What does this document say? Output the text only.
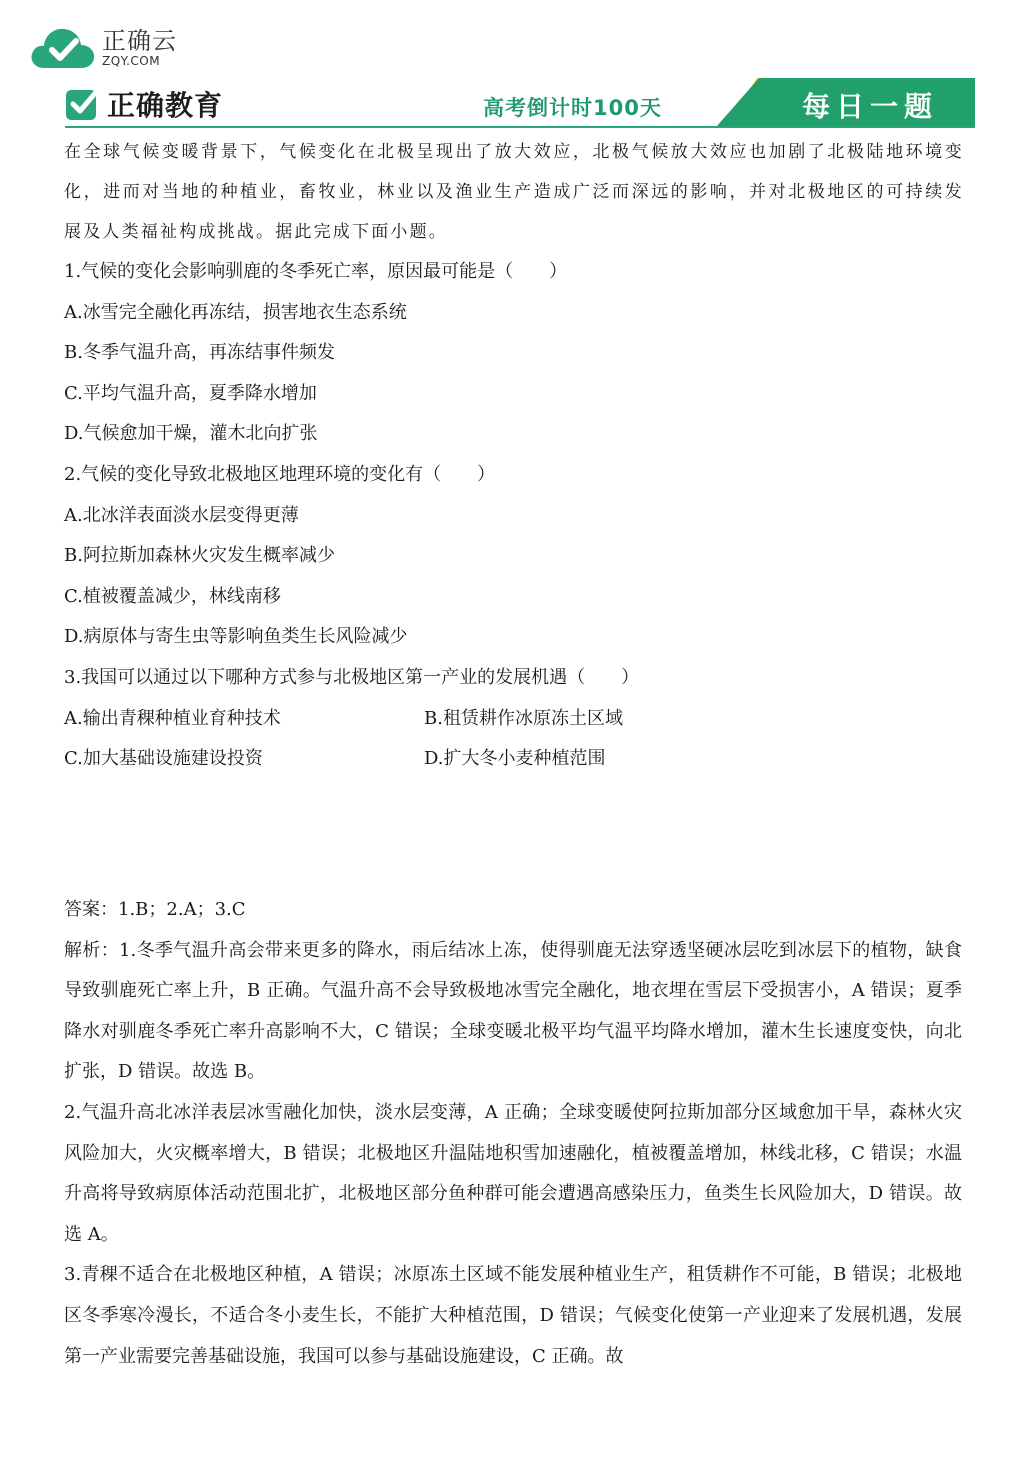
正确云
ZQY.COM
正确教育	高考倒计时100天	每日一题

在全球气候变暖背景下，气候变化在北极呈现出了放大效应，北极气候放大效应也加剧了北极陆地环境变化，进而对当地的种植业，畜牧业，林业以及渔业生产造成广泛而深远的影响，并对北极地区的可持续发展及人类福祉构成挑战。据此完成下面小题。

1.气候的变化会影响驯鹿的冬季死亡率，原因最可能是（　　）

A.冰雪完全融化再冻结，损害地衣生态系统

B.冬季气温升高，再冻结事件频发

C.平均气温升高，夏季降水增加

D.气候愈加干燥，灌木北向扩张

2.气候的变化导致北极地区地理环境的变化有（　　）

A.北冰洋表面淡水层变得更薄

B.阿拉斯加森林火灾发生概率减少

C.植被覆盖减少，林线南移

D.病原体与寄生虫等影响鱼类生长风险减少

3.我国可以通过以下哪种方式参与北极地区第一产业的发展机遇（　　）

A.输出青稞种植业育种技术	B.租赁耕作冰原冻土区域
C.加大基础设施建设投资	D.扩大冬小麦种植范围

答案：1.B；2.A；3.C

解析：1.冬季气温升高会带来更多的降水，雨后结冰上冻，使得驯鹿无法穿透坚硬冰层吃到冰层下的植物，缺食导致驯鹿死亡率上升，B 正确。气温升高不会导致极地冰雪完全融化，地衣埋在雪层下受损害小，A 错误；夏季降水对驯鹿冬季死亡率升高影响不大，C 错误；全球变暖北极平均气温平均降水增加，灌木生长速度变快，向北扩张，D 错误。故选 B。

2.气温升高北冰洋表层冰雪融化加快，淡水层变薄，A 正确；全球变暖使阿拉斯加部分区域愈加干旱，森林火灾风险加大，火灾概率增大，B 错误；北极地区升温陆地积雪加速融化，植被覆盖增加，林线北移，C 错误；水温升高将导致病原体活动范围北扩，北极地区部分鱼种群可能会遭遇高感染压力，鱼类生长风险加大，D 错误。故选 A。

3.青稞不适合在北极地区种植，A 错误；冰原冻土区域不能发展种植业生产，租赁耕作不可能，B 错误；北极地区冬季寒冷漫长，不适合冬小麦生长，不能扩大种植范围，D 错误；气候变化使第一产业迎来了发展机遇，发展第一产业需要完善基础设施，我国可以参与基础设施建设，C 正确。故
